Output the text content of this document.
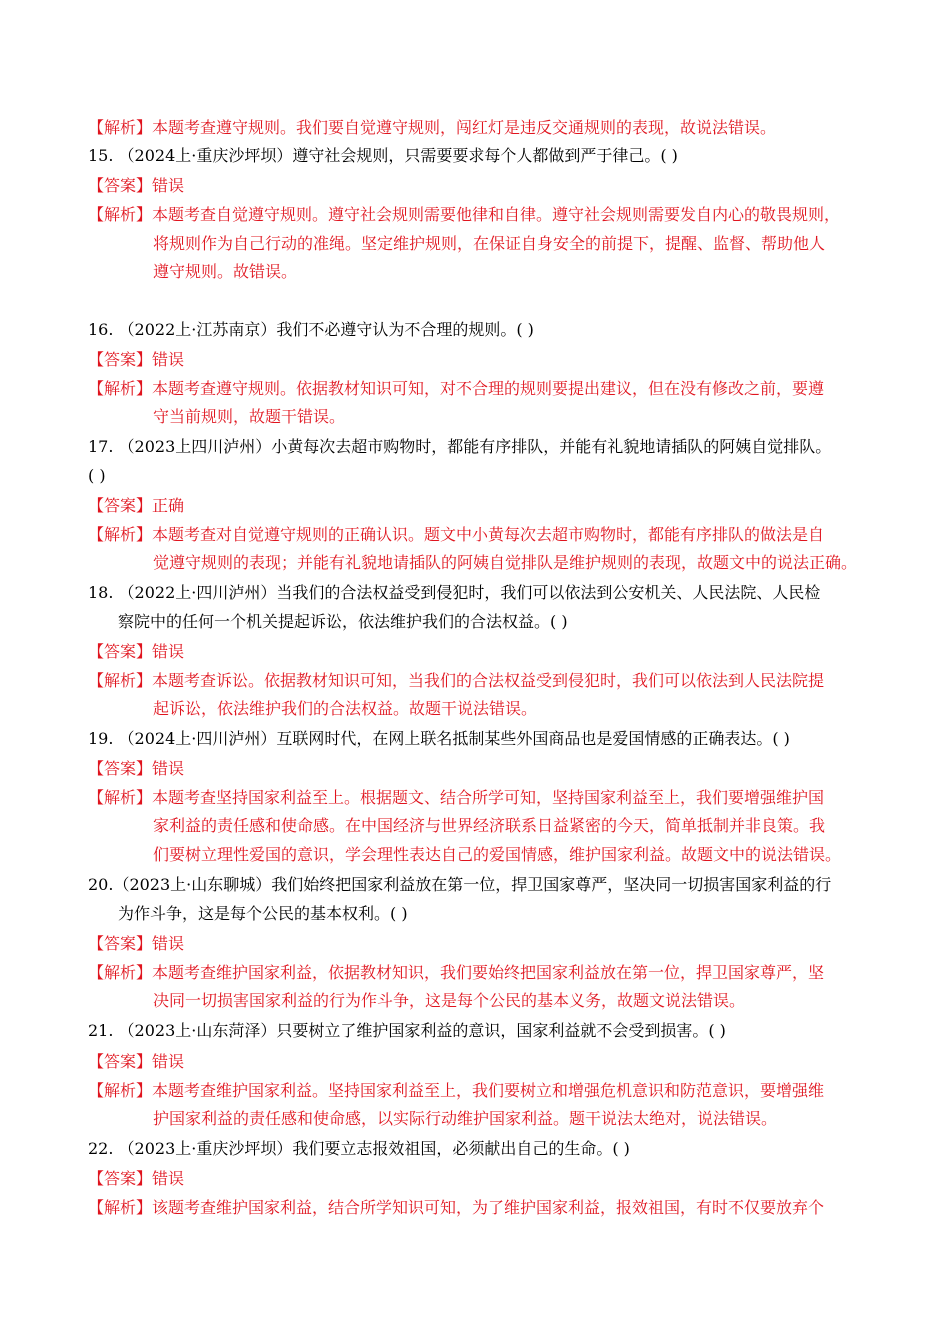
【解析】本题考查遵守规则。我们要自觉遵守规则，闯红灯是违反交通规则的表现，故说法错误。
15. （2024上·重庆沙坪坝）遵守社会规则，只需要要求每个人都做到严于律己。( )
【答案】错误
【解析】本题考查自觉遵守规则。遵守社会规则需要他律和自律。遵守社会规则需要发自内心的敬畏规则，
将规则作为自己行动的准绳。坚定维护规则，在保证自身安全的前提下，提醒、监督、帮助他人
遵守规则。故错误。
16. （2022上·江苏南京）我们不必遵守认为不合理的规则。( )
【答案】错误
【解析】本题考查遵守规则。依据教材知识可知，对不合理的规则要提出建议，但在没有修改之前，要遵
守当前规则，故题干错误。
17. （2023上四川泸州）小黄每次去超市购物时，都能有序排队，并能有礼貌地请插队的阿姨自觉排队。
( )
【答案】正确
【解析】本题考查对自觉遵守规则的正确认识。题文中小黄每次去超市购物时，都能有序排队的做法是自
觉遵守规则的表现；并能有礼貌地请插队的阿姨自觉排队是维护规则的表现，故题文中的说法正确。
18. （2022上·四川泸州）当我们的合法权益受到侵犯时，我们可以依法到公安机关、人民法院、人民检
察院中的任何一个机关提起诉讼，依法维护我们的合法权益。( )
【答案】错误
【解析】本题考查诉讼。依据教材知识可知，当我们的合法权益受到侵犯时，我们可以依法到人民法院提
起诉讼，依法维护我们的合法权益。故题干说法错误。
19. （2024上·四川泸州）互联网时代，在网上联名抵制某些外国商品也是爱国情感的正确表达。( )
【答案】错误
【解析】本题考查坚持国家利益至上。根据题文、结合所学可知，坚持国家利益至上，我们要增强维护国
家利益的责任感和使命感。在中国经济与世界经济联系日益紧密的今天，简单抵制并非良策。我
们要树立理性爱国的意识，学会理性表达自己的爱国情感，维护国家利益。故题文中的说法错误。
20.（2023上·山东聊城）我们始终把国家利益放在第一位，捍卫国家尊严，坚决同一切损害国家利益的行
为作斗争，这是每个公民的基本权利。( )
【答案】错误
【解析】本题考查维护国家利益，依据教材知识，我们要始终把国家利益放在第一位，捍卫国家尊严，坚
决同一切损害国家利益的行为作斗争，这是每个公民的基本义务，故题文说法错误。
21. （2023上·山东菏泽）只要树立了维护国家利益的意识，国家利益就不会受到损害。( )
【答案】错误
【解析】本题考查维护国家利益。坚持国家利益至上，我们要树立和增强危机意识和防范意识，要增强维
护国家利益的责任感和使命感，以实际行动维护国家利益。题干说法太绝对，说法错误。
22. （2023上·重庆沙坪坝）我们要立志报效祖国，必须献出自己的生命。( )
【答案】错误
【解析】该题考查维护国家利益，结合所学知识可知，为了维护国家利益，报效祖国，有时不仅要放弃个
